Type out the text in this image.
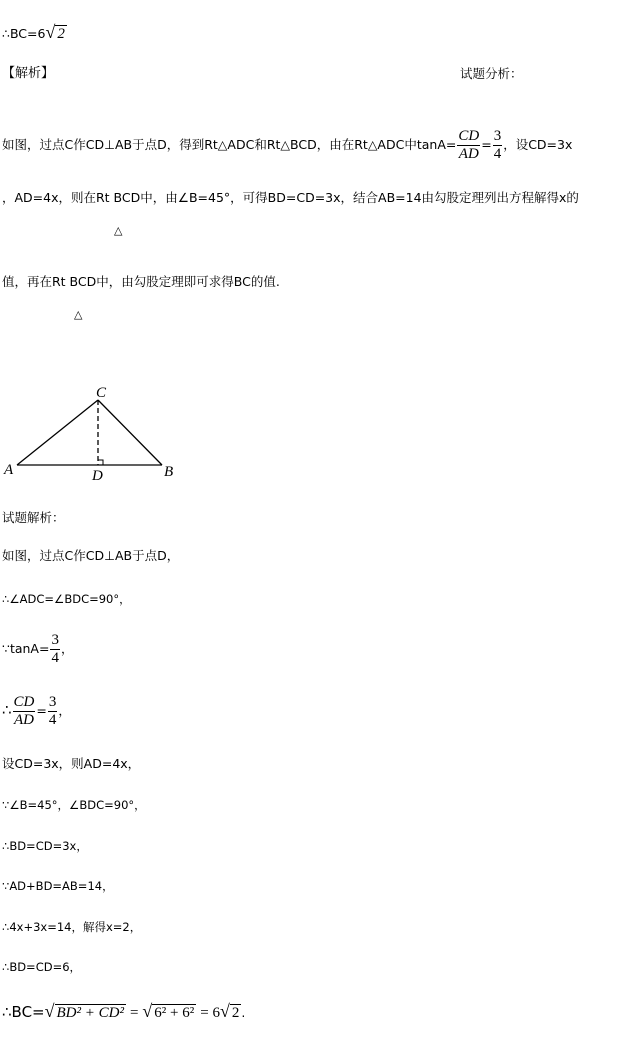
∴BC=6√ 2
【解析】	试题分析：
如图，过点C作CD⊥AB于点D，得到Rt△ADC和Rt△BCD，由在Rt△ADC中$\tan A= \frac{CD}{AD} = \frac{3}{4}$ ，设CD=3x
，AD=4x，则在Rt BCD中，由∠B=45°，可得BD=CD=3x，结合AB=14由勾股定理列出方程解得x的
△
值，再在Rt BCD中，由勾股定理即可求得BC的值.
△
A	B
C
D
试题解析：
如图，过点C作CD⊥AB于点D，
∴∠ADC=∠BDC=90°，
∵tanA= $\frac{3}{4}$ ，
∴ $\frac{CD}{AD} = \frac{3}{4}$ ，
设CD=3x，则AD=4x，
∵∠B=45°，∠BDC=90°，
∴BD=CD=3x，
∵AD+BD=AB=14，
∴4x+3x=14，解得x=2，
∴BD=CD=6，
∴BC=√ BD² + CD² = √ 6² + 6² = 6√ 2 .
